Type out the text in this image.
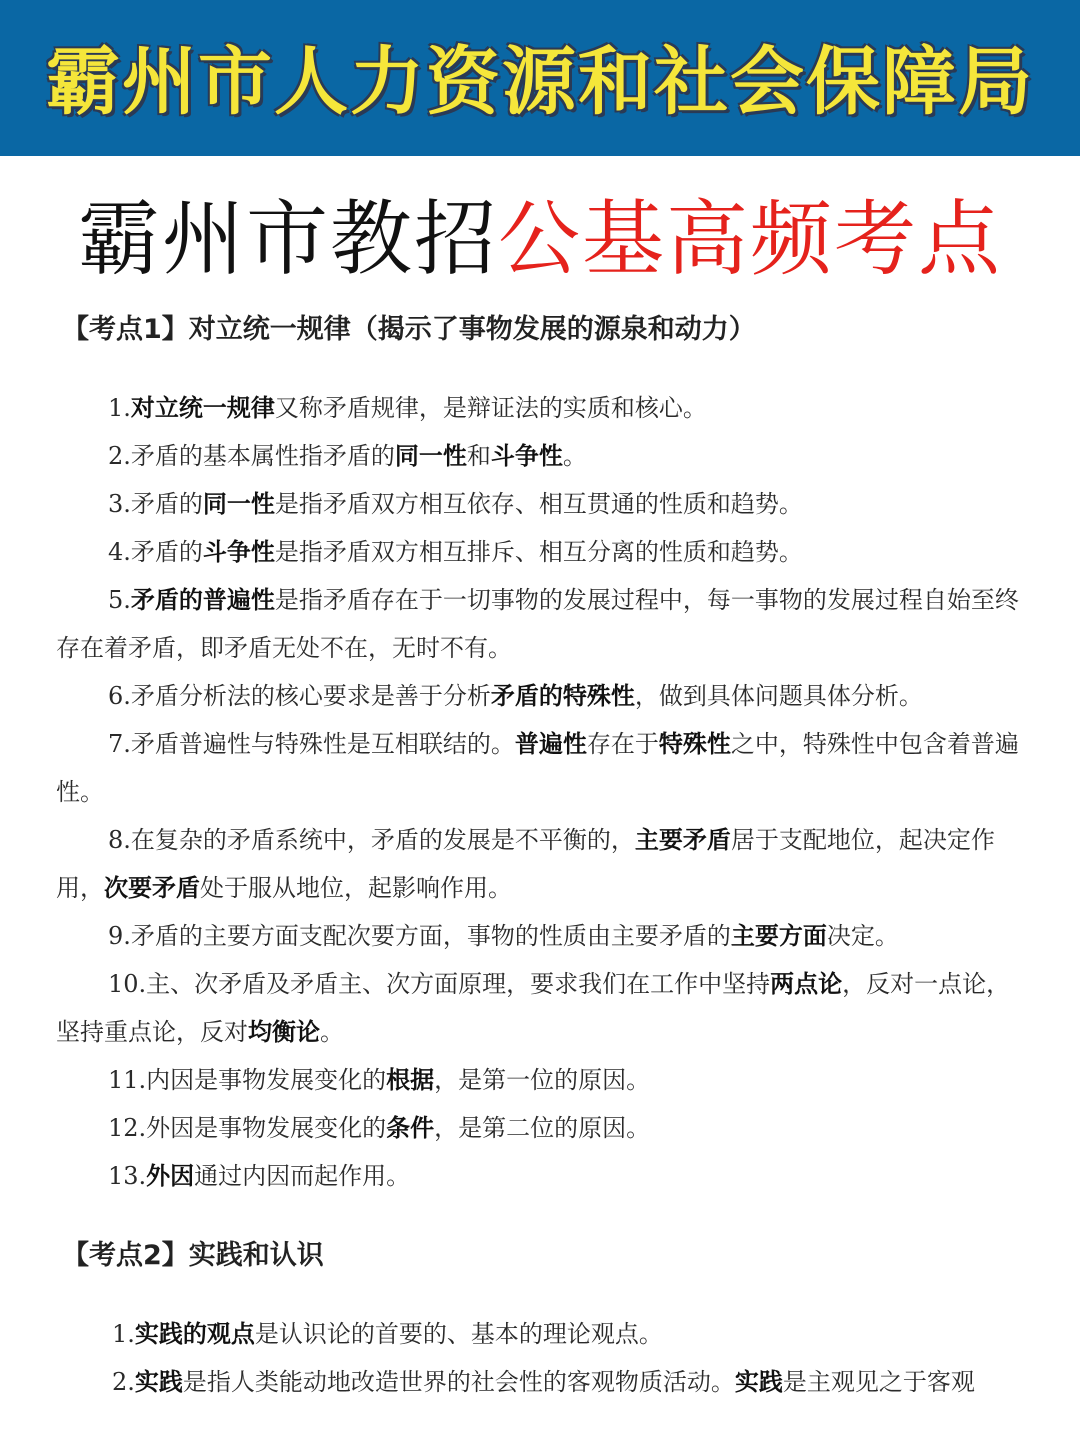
霸州市人力资源和社会保障局
霸州市教招公基高频考点
【考点1】对立统一规律（揭示了事物发展的源泉和动力）
1.对立统一规律又称矛盾规律，是辩证法的实质和核心。
2.矛盾的基本属性指矛盾的同一性和斗争性。
3.矛盾的同一性是指矛盾双方相互依存、相互贯通的性质和趋势。
4.矛盾的斗争性是指矛盾双方相互排斥、相互分离的性质和趋势。
5.矛盾的普遍性是指矛盾存在于一切事物的发展过程中，每一事物的发展过程自始至终存在着矛盾，即矛盾无处不在，无时不有。
6.矛盾分析法的核心要求是善于分析矛盾的特殊性，做到具体问题具体分析。
7.矛盾普遍性与特殊性是互相联结的。普遍性存在于特殊性之中，特殊性中包含着普遍性。
8.在复杂的矛盾系统中，矛盾的发展是不平衡的，主要矛盾居于支配地位，起决定作用，次要矛盾处于服从地位，起影响作用。
9.矛盾的主要方面支配次要方面，事物的性质由主要矛盾的主要方面决定。
10.主、次矛盾及矛盾主、次方面原理，要求我们在工作中坚持两点论，反对一点论，坚持重点论，反对均衡论。
11.内因是事物发展变化的根据，是第一位的原因。
12.外因是事物发展变化的条件，是第二位的原因。
13.外因通过内因而起作用。
【考点2】实践和认识
1.实践的观点是认识论的首要的、基本的理论观点。
2.实践是指人类能动地改造世界的社会性的客观物质活动。实践是主观见之于客观
